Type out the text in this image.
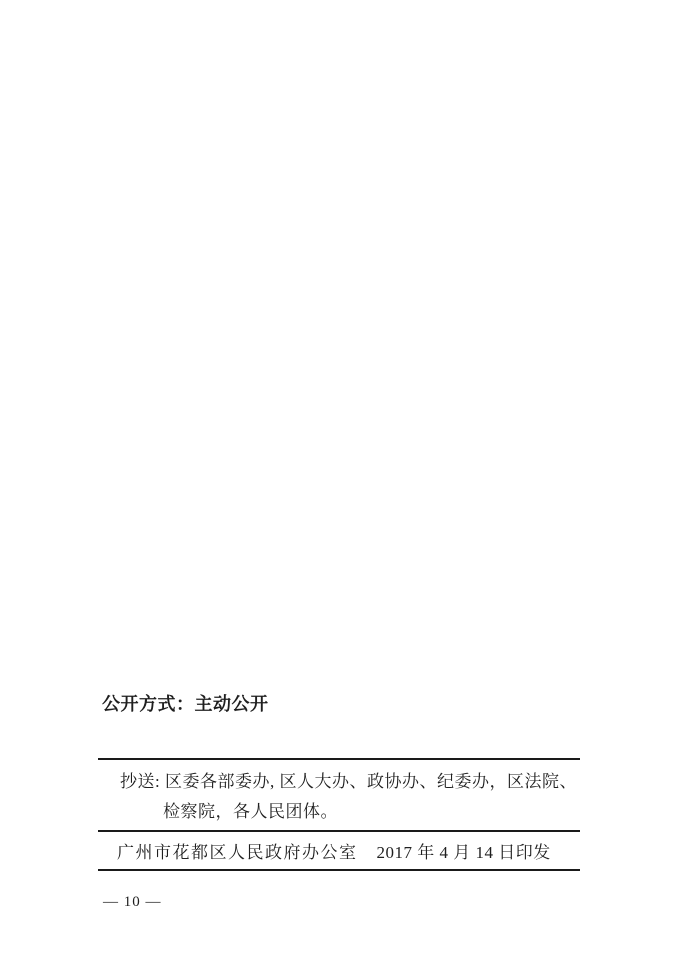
公开方式：主动公开
抄送: 区委各部委办, 区人大办、政协办、纪委办，区法院、
检察院，各人民团体。
广州市花都区人民政府办公室 2017 年 4 月 14 日印发
— 10 —
